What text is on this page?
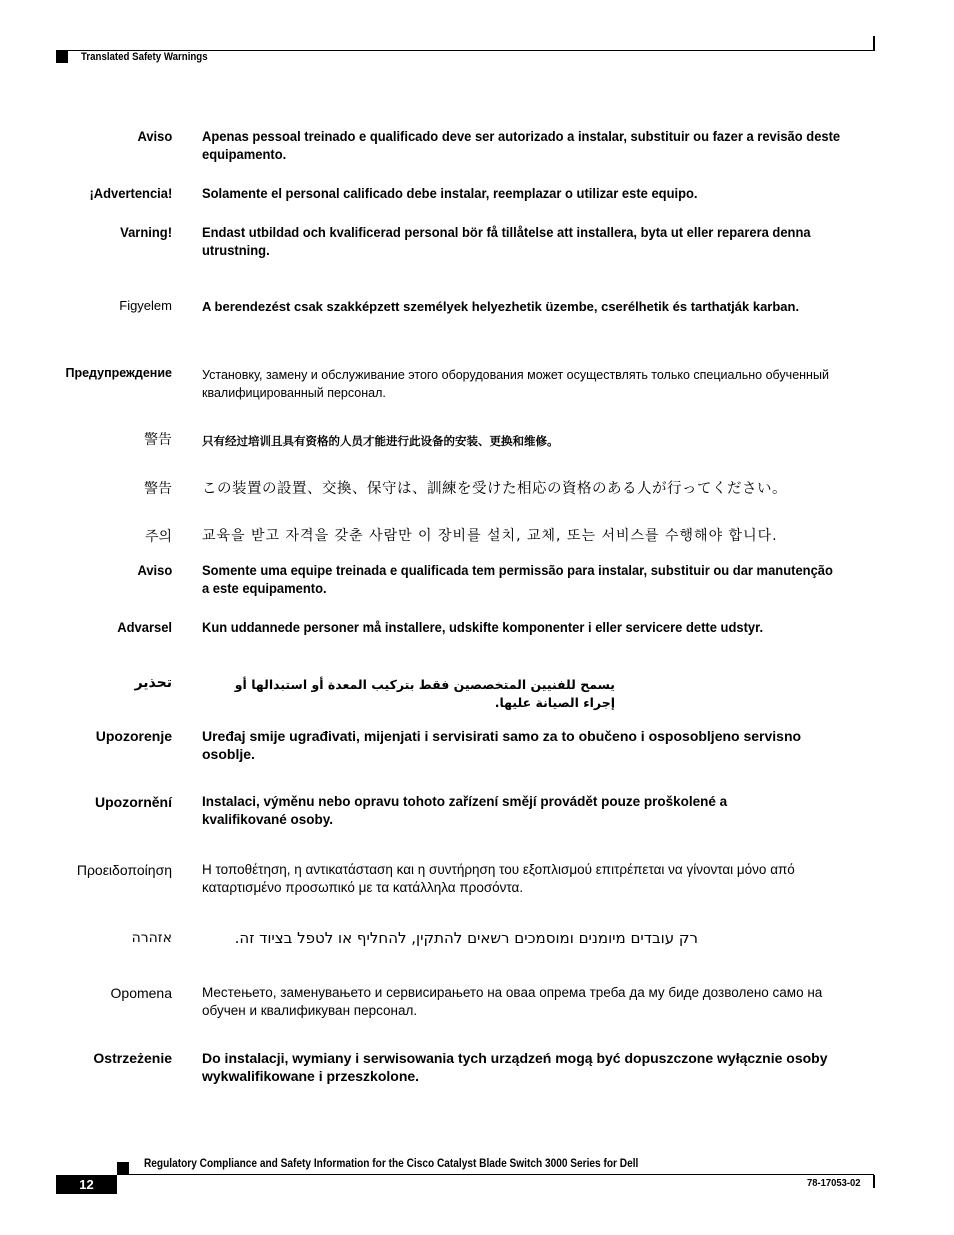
Translated Safety Warnings
Aviso Apenas pessoal treinado e qualificado deve ser autorizado a instalar, substituir ou fazer a revisão deste equipamento.
¡Advertencia! Solamente el personal calificado debe instalar, reemplazar o utilizar este equipo.
Varning! Endast utbildad och kvalificerad personal bör få tillåtelse att installera, byta ut eller reparera denna utrustning.
Figyelem A berendezést csak szakképzett személyek helyezhetik üzembe, cserélhetik és tarthatják karban.
Предупреждение Установку, замену и обслуживание этого оборудования может осуществлять только специально обученный квалифицированный персонал.
警告	只有经过培训且具有资格的人员才能进行此设备的安装、更换和维修。
警告 この装置の設置、交換、保守は、訓練を受けた相応の資格のある人が行ってください。
주의 교육을 받고 자격을 갖춘 사람만 이 장비를 설치, 교체, 또는 서비스를 수행해야 합니다.
Aviso Somente uma equipe treinada e qualificada tem permissão para instalar, substituir ou dar manutenção a este equipamento.
Advarsel Kun uddannede personer må installere, udskifte komponenter i eller servicere dette udstyr.
تحذير	يسمح للفنيين المتخصصين فقط بتركيب المعدة أو استبدالها أو إجراء الصيانة عليها.
Upozorenje Uređaj smije ugrađivati, mijenjati i servisirati samo za to obučeno i osposobljeno servisno osoblje.
Upozornění Instalaci, výměnu nebo opravu tohoto zařízení smějí provádět pouze proškolené a kvalifikované osoby.
Προειδοποίηση Η τοποθέτηση, η αντικατάσταση και η συντήρηση του εξοπλισμού επιτρέπεται να γίνονται μόνο από καταρτισμένο προσωπικό με τα κατάλληλα προσόντα.
אזהרה	רק עובדים מיומנים ומוסמכים רשאים להתקין, להחליף או לטפל בציוד זה.
Opomena Местењето, заменувањето и сервисирањето на оваа опрема треба да му биде дозволено само на обучен и квалификуван персонал.
Ostrzeżenie Do instalacji, wymiany i serwisowania tych urządzeń mogą być dopuszczone wyłącznie osoby wykwalifikowane i przeszkolone.
Regulatory Compliance and Safety Information for the Cisco Catalyst Blade Switch 3000 Series for Dell
12	78-17053-02
